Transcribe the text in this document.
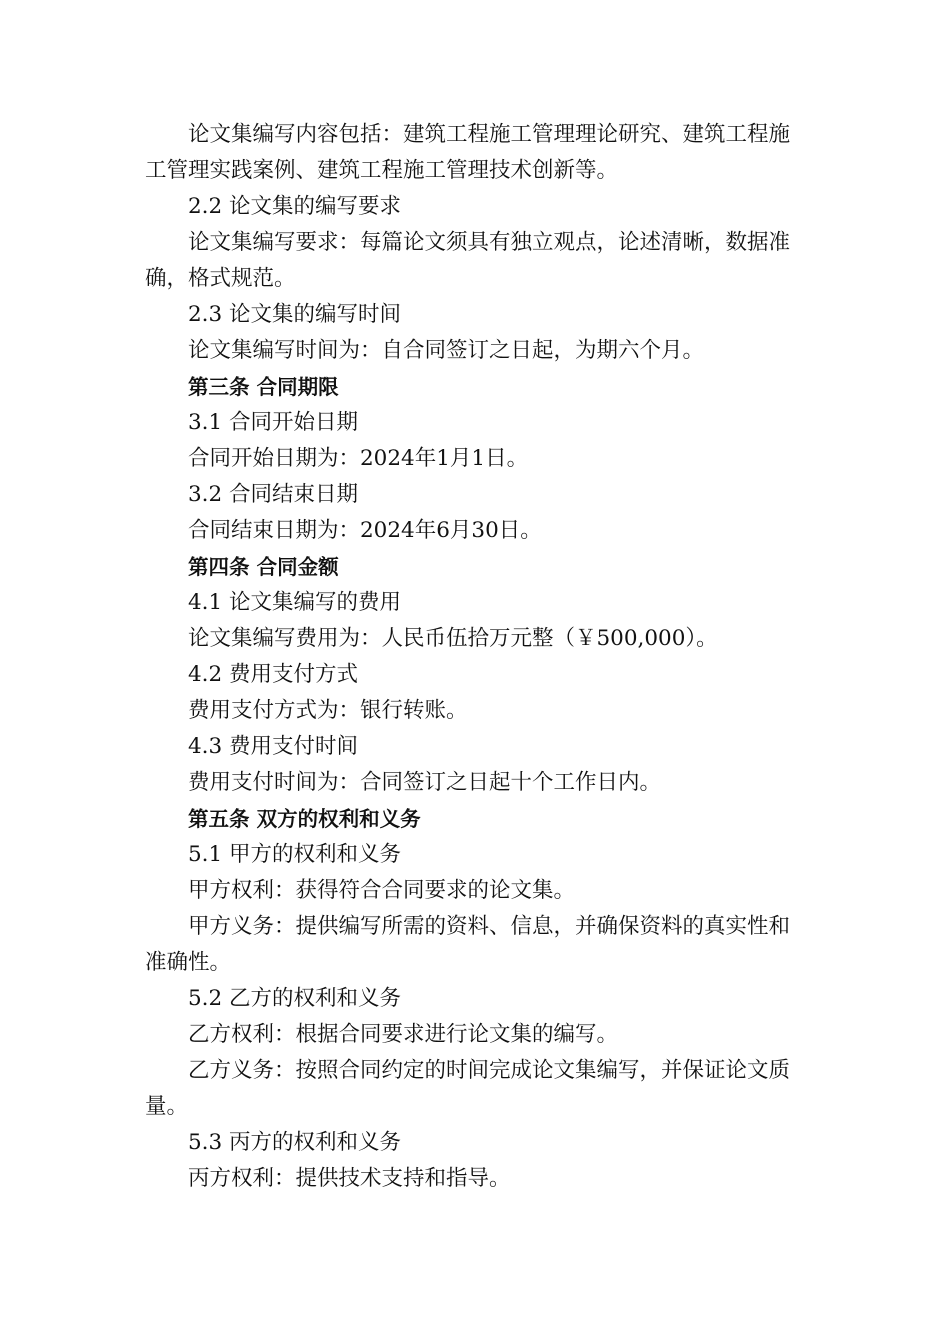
论文集编写内容包括：建筑工程施工管理理论研究、建筑工程施工管理实践案例、建筑工程施工管理技术创新等。

2.2 论文集的编写要求

论文集编写要求：每篇论文须具有独立观点，论述清晰，数据准确，格式规范。

2.3 论文集的编写时间

论文集编写时间为：自合同签订之日起，为期六个月。

第三条 合同期限

3.1 合同开始日期

合同开始日期为：2024年1月1日。

3.2 合同结束日期

合同结束日期为：2024年6月30日。

第四条 合同金额

4.1 论文集编写的费用

论文集编写费用为：人民币伍拾万元整（￥500,000）。

4.2 费用支付方式

费用支付方式为：银行转账。

4.3 费用支付时间

费用支付时间为：合同签订之日起十个工作日内。

第五条 双方的权利和义务

5.1 甲方的权利和义务

甲方权利：获得符合合同要求的论文集。

甲方义务：提供编写所需的资料、信息，并确保资料的真实性和准确性。

5.2 乙方的权利和义务

乙方权利：根据合同要求进行论文集的编写。

乙方义务：按照合同约定的时间完成论文集编写，并保证论文质量。

5.3 丙方的权利和义务

丙方权利：提供技术支持和指导。
